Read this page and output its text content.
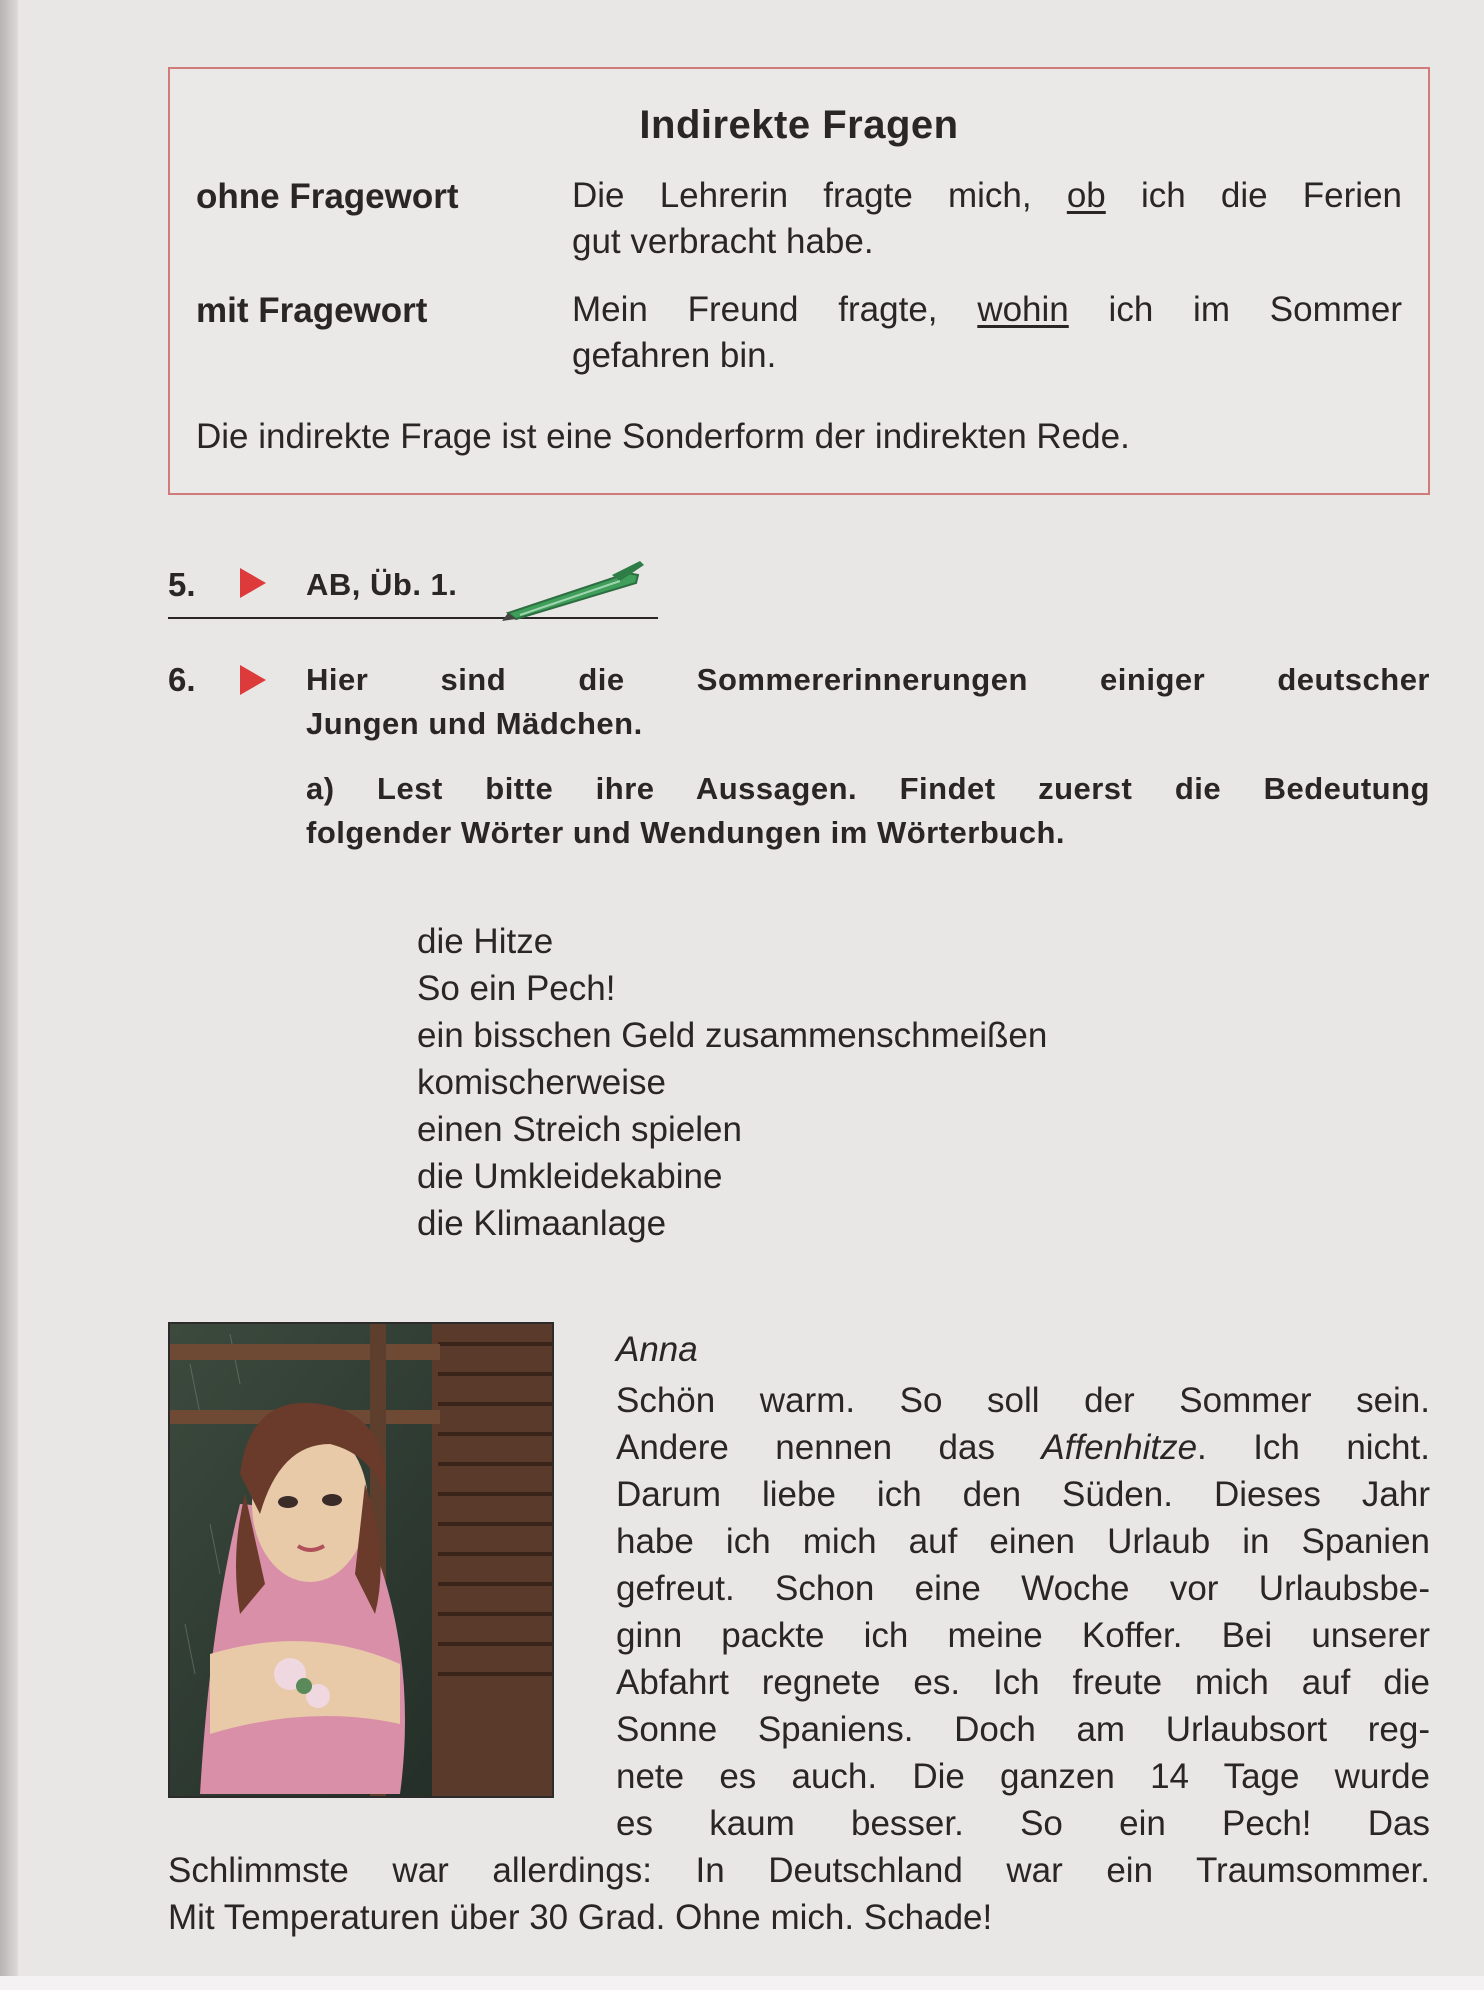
Indirekte Fragen
ohne Fragewort	Die Lehrerin fragte mich, ob ich die Ferien

gut verbracht habe.

mit Fragewort	Mein Freund fragte, wohin ich im Sommer

gefahren bin.

Die indirekte Frage ist eine Sonderform der indirekten Rede.
5.	AB, Üb. 1.
6.	Hier sind die Sommererinnerungen einiger deutscher
Jungen und Mädchen.
a) Lest bitte ihre Aussagen. Findet zuerst die Bedeutung
folgender Wörter und Wendungen im Wörterbuch.
die Hitze
So ein Pech!
ein bisschen Geld zusammenschmeißen
komischerweise
einen Streich spielen
die Umkleidekabine
die Klimaanlage
Anna
Schön warm. So soll der Sommer sein.
Andere nennen das Affenhitze. Ich nicht.
Darum liebe ich den Süden. Dieses Jahr
habe ich mich auf einen Urlaub in Spanien
gefreut. Schon eine Woche vor Urlaubsbe-
ginn packte ich meine Koffer. Bei unserer
Abfahrt regnete es. Ich freute mich auf die
Sonne Spaniens. Doch am Urlaubsort reg-
nete es auch. Die ganzen 14 Tage wurde
es kaum besser. So ein Pech! Das
Schlimmste war allerdings: In Deutschland war ein Traumsommer.
Mit Temperaturen über 30 Grad. Ohne mich. Schade!
